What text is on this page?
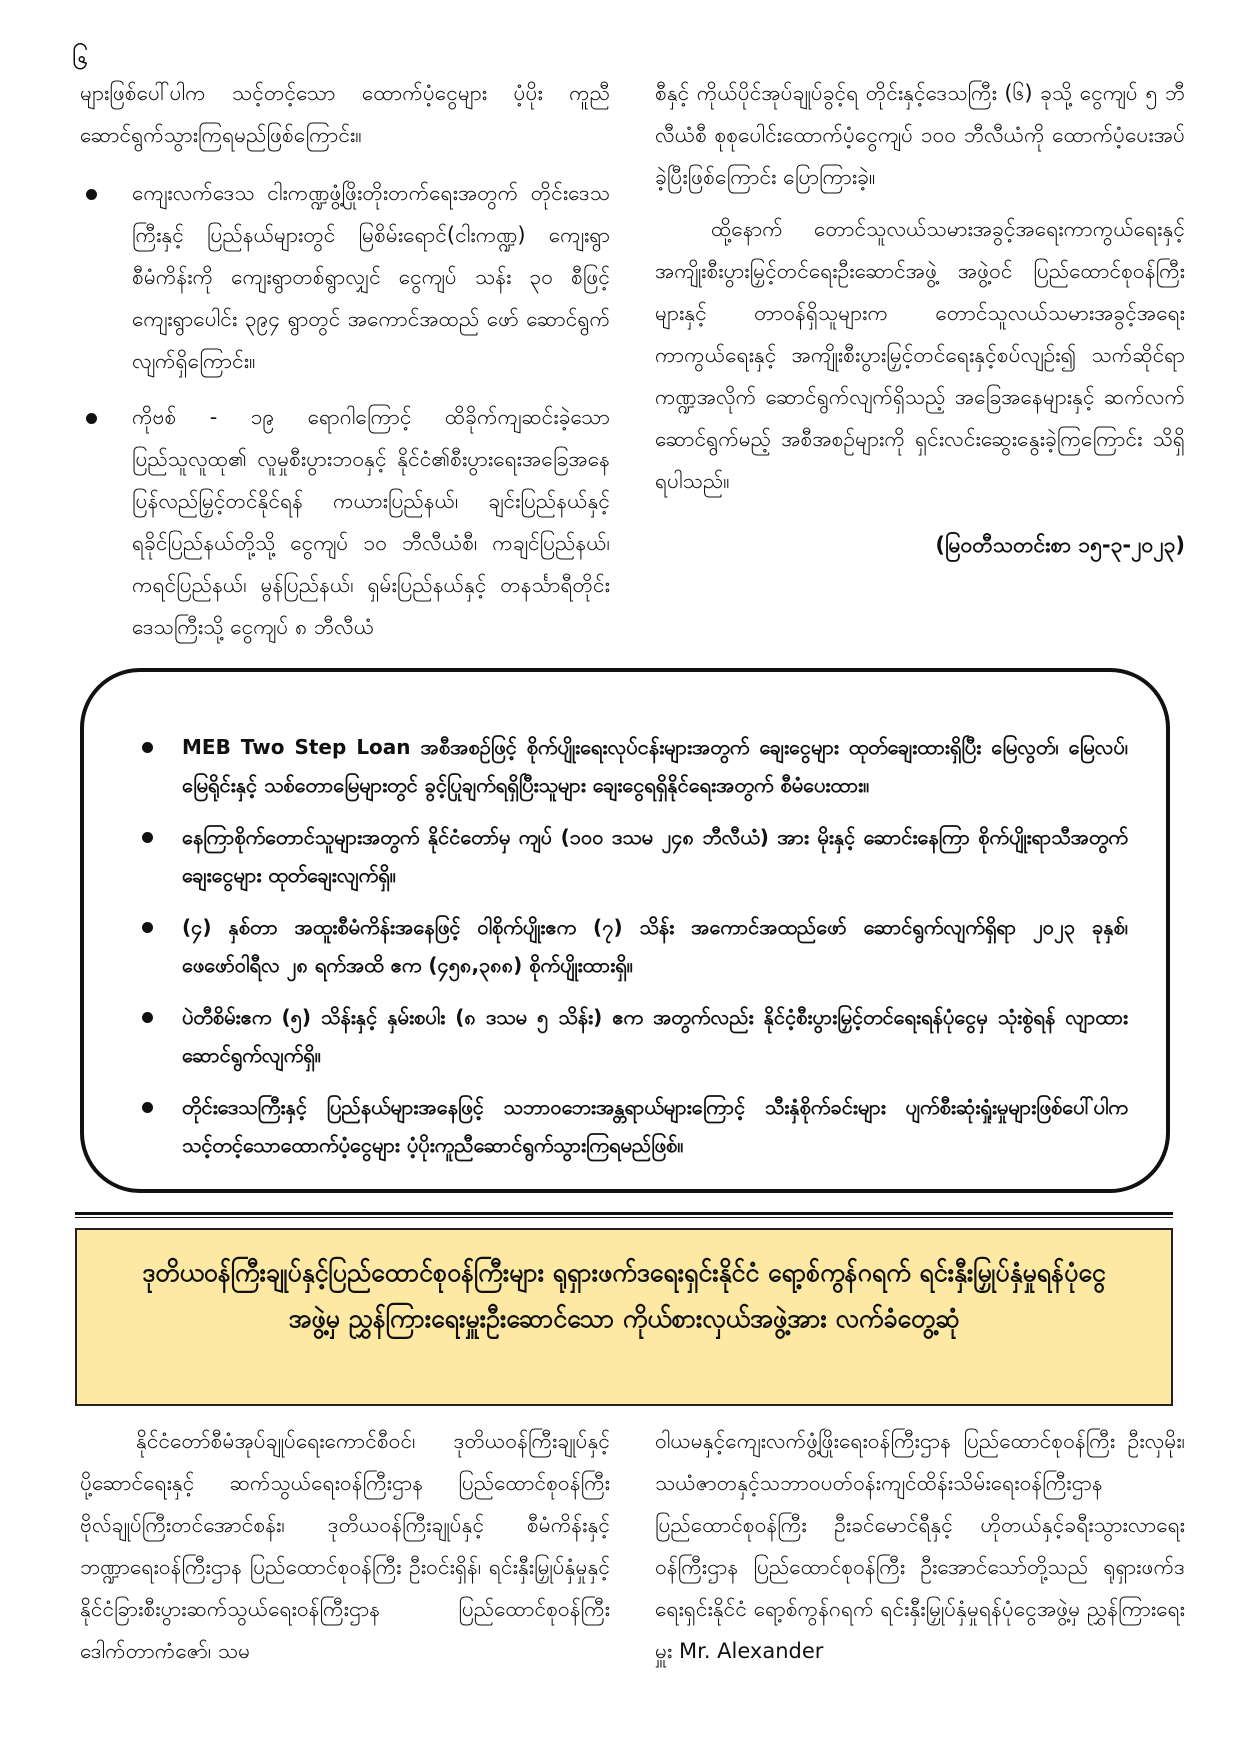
၆

များဖြစ်ပေါ်ပါက သင့်တင့်သော ထောက်ပံ့ငွေများ ပံ့ပိုး ကူညီဆောင်ရွက်သွားကြရမည်ဖြစ်ကြောင်း။

ကျေးလက်ဒေသ ငါးကဏ္ဍဖွံ့ဖြိုးတိုးတက်ရေးအတွက် တိုင်းဒေသကြီးနှင့် ပြည်နယ်များတွင် မြစိမ်းရောင်(ငါးကဏ္ဍ) ကျေးရွာစီမံကိန်းကို ကျေးရွာတစ်ရွာလျှင် ငွေကျပ် သန်း ၃၀ စီဖြင့် ကျေးရွာပေါင်း ၃၉၄ ရွာတွင် အကောင်အထည် ဖော် ဆောင်ရွက်လျက်ရှိကြောင်း။
ကိုဗစ် - ၁၉ ရောဂါကြောင့် ထိခိုက်ကျဆင်းခဲ့သော ပြည်သူလူထု၏ လူမှုစီးပွားဘဝနှင့် နိုင်ငံ၏စီးပွားရေးအခြေအနေ ပြန်လည်မြှင့်တင်နိုင်ရန် ကယားပြည်နယ်၊ ချင်းပြည်နယ်နှင့် ရခိုင်ပြည်နယ်တို့သို့ ငွေကျပ် ၁၀ ဘီလီယံစီ၊ ကချင်ပြည်နယ်၊ ကရင်ပြည်နယ်၊ မွန်ပြည်နယ်၊ ရှမ်းပြည်နယ်နှင့် တနင်္သာရီတိုင်းဒေသကြီးသို့ ငွေကျပ် ၈ ဘီလီယံ

စီနှင့် ကိုယ်ပိုင်အုပ်ချုပ်ခွင့်ရ တိုင်းနှင့်ဒေသကြီး (၆) ခုသို့ ငွေကျပ် ၅ ဘီလီယံစီ စုစုပေါင်းထောက်ပံ့ငွေကျပ် ၁၀၀ ဘီလီယံကို ထောက်ပံ့ပေးအပ်ခဲ့ပြီးဖြစ်ကြောင်း ပြောကြားခဲ့။

ထို့နောက် တောင်သူလယ်သမားအခွင့်အရေးကာကွယ်ရေးနှင့် အကျိုးစီးပွားမြှင့်တင်ရေးဦးဆောင်အဖွဲ့ အဖွဲ့ဝင် ပြည်ထောင်စုဝန်ကြီးများနှင့် တာဝန်ရှိသူများက တောင်သူလယ်သမားအခွင့်အရေး ကာကွယ်ရေးနှင့် အကျိုးစီးပွားမြှင့်တင်ရေးနှင့်စပ်လျဉ်း၍ သက်ဆိုင်ရာကဏ္ဍအလိုက် ဆောင်ရွက်လျက်ရှိသည့် အခြေအနေများနှင့် ဆက်လက်ဆောင်ရွက်မည့် အစီအစဉ်များကို ရှင်းလင်းဆွေးနွေးခဲ့ကြကြောင်း သိရှိရပါသည်။

(မြဝတီသတင်းစာ ၁၅-၃-၂၀၂၃)

MEB Two Step Loan အစီအစဉ်ဖြင့် စိုက်ပျိုးရေးလုပ်ငန်းများအတွက် ချေးငွေများ ထုတ်ချေးထားရှိပြီး မြေလွတ်၊ မြေလပ်၊ မြေရိုင်းနှင့် သစ်တောမြေများတွင် ခွင့်ပြုချက်ရရှိပြီးသူများ ချေးငွေရရှိနိုင်ရေးအတွက် စီမံပေးထား။
နေကြာစိုက်တောင်သူများအတွက် နိုင်ငံတော်မှ ကျပ် (၁၀၀ ဒသမ ၂၄၈ ဘီလီယံ) အား မိုးနှင့် ဆောင်းနေကြာ စိုက်ပျိုးရာသီအတွက် ချေးငွေများ ထုတ်ချေးလျက်ရှိ။
(၄) နှစ်တာ အထူးစီမံကိန်းအနေဖြင့် ဝါစိုက်ပျိုးဧက (၇) သိန်း အကောင်အထည်ဖော် ဆောင်ရွက်လျက်ရှိရာ ၂၀၂၃ ခုနှစ်၊ ဖေဖော်ဝါရီလ ၂၈ ရက်အထိ ဧက (၄၅၈,၃၈၈) စိုက်ပျိုးထားရှိ။
ပဲတီစိမ်းဧက (၅) သိန်းနှင့် နှမ်းစပါး (၈ ဒသမ ၅ သိန်း) ဧက အတွက်လည်း နိုင်ငံ့စီးပွားမြှင့်တင်ရေးရန်ပုံငွေမှ သုံးစွဲရန် လျာထားဆောင်ရွက်လျက်ရှိ။
တိုင်းဒေသကြီးနှင့် ပြည်နယ်များအနေဖြင့် သဘာဝဘေးအန္တရာယ်များကြောင့် သီးနှံစိုက်ခင်းများ ပျက်စီးဆုံးရှုံးမှုများဖြစ်ပေါ်ပါက သင့်တင့်သောထောက်ပံ့ငွေများ ပံ့ပိုးကူညီဆောင်ရွက်သွားကြရမည်ဖြစ်။
ဒုတိယဝန်ကြီးချုပ်နှင့်ပြည်ထောင်စုဝန်ကြီးများ ရုရှားဖက်ဒရေးရှင်းနိုင်ငံ ရော့စ်ကွန်ဂရက် ရင်းနှီးမြှုပ်နှံမှုရန်ပုံငွေအဖွဲ့မှ ညွှန်ကြားရေးမှူးဦးဆောင်သော ကိုယ်စားလှယ်အဖွဲ့အား လက်ခံတွေ့ဆုံ

နိုင်ငံတော်စီမံအုပ်ချုပ်ရေးကောင်စီဝင်၊ ဒုတိယဝန်ကြီးချုပ်နှင့် ပို့ဆောင်ရေးနှင့် ဆက်သွယ်ရေးဝန်ကြီးဌာန ပြည်ထောင်စုဝန်ကြီး ဗိုလ်ချုပ်ကြီးတင်အောင်စန်း၊ ဒုတိယဝန်ကြီးချုပ်နှင့် စီမံကိန်းနှင့်ဘဏ္ဍာရေးဝန်ကြီးဌာန ပြည်ထောင်စုဝန်ကြီး ဦးဝင်းရှိန်၊ ရင်းနှီးမြှုပ်နှံမှုနှင့် နိုင်ငံခြားစီးပွားဆက်သွယ်ရေးဝန်ကြီးဌာန ပြည်ထောင်စုဝန်ကြီး ဒေါက်တာကံဇော်၊ သမ

ဝါယမနှင့်ကျေးလက်ဖွံ့ဖြိုးရေးဝန်ကြီးဌာန ပြည်ထောင်စုဝန်ကြီး ဦးလှမိုး၊ သယံဇာတနှင့်သဘာဝပတ်ဝန်းကျင်ထိန်းသိမ်းရေးဝန်ကြီးဌာန ပြည်ထောင်စုဝန်ကြီး ဦးခင်မောင်ရီနှင့် ဟိုတယ်နှင့်ခရီးသွားလာရေးဝန်ကြီးဌာန ပြည်ထောင်စုဝန်ကြီး ဦးအောင်သော်တို့သည် ရုရှားဖက်ဒရေးရှင်းနိုင်ငံ ရော့စ်ကွန်ဂရက် ရင်းနှီးမြှုပ်နှံမှုရန်ပုံငွေအဖွဲ့မှ ညွှန်ကြားရေးမှူး Mr. Alexander
